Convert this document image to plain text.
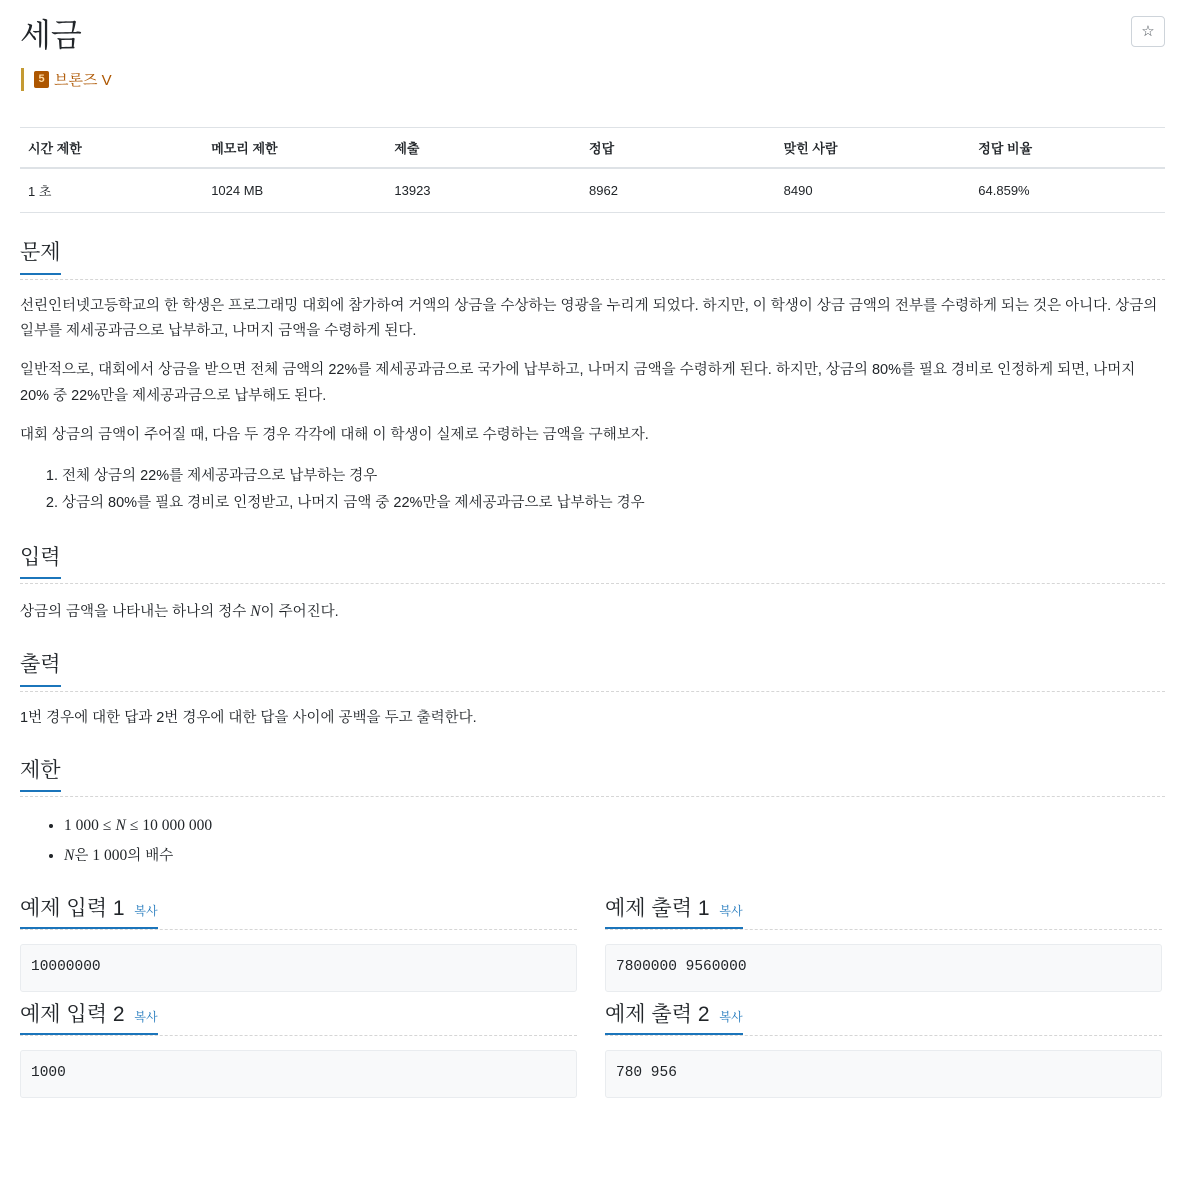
세금
5 브론즈 V
☆
시간 제한	메모리 제한	제출	정답	맞힌 사람	정답 비율
1 초	1024 MB	13923	8962	8490	64.859%
문제

선린인터넷고등학교의 한 학생은 프로그래밍 대회에 참가하여 거액의 상금을 수상하는 영광을 누리게 되었다. 하지만, 이 학생이 상금 금액의 전부를 수령하게 되는 것은 아니다. 상금의 일부를 제세공과금으로 납부하고, 나머지 금액을 수령하게 된다.

일반적으로, 대회에서 상금을 받으면 전체 금액의 22%를 제세공과금으로 국가에 납부하고, 나머지 금액을 수령하게 된다. 하지만, 상금의 80%를 필요 경비로 인정하게 되면, 나머지 20% 중 22%만을 제세공과금으로 납부해도 된다.

대회 상금의 금액이 주어질 때, 다음 두 경우 각각에 대해 이 학생이 실제로 수령하는 금액을 구해보자.

1. 전체 상금의 22%를 제세공과금으로 납부하는 경우
2. 상금의 80%를 필요 경비로 인정받고, 나머지 금액 중 22%만을 제세공과금으로 납부하는 경우
입력

상금의 금액을 나타내는 하나의 정수 N이 주어진다.

출력

1번 경우에 대한 답과 2번 경우에 대한 답을 사이에 공백을 두고 출력한다.

제한
• 1 000 ≤ N ≤ 10 000 000
• N은 1 000의 배수
예제 입력 1 복사
10000000
예제 출력 1 복사
7800000 9560000
예제 입력 2 복사
1000
예제 출력 2 복사
780 956
